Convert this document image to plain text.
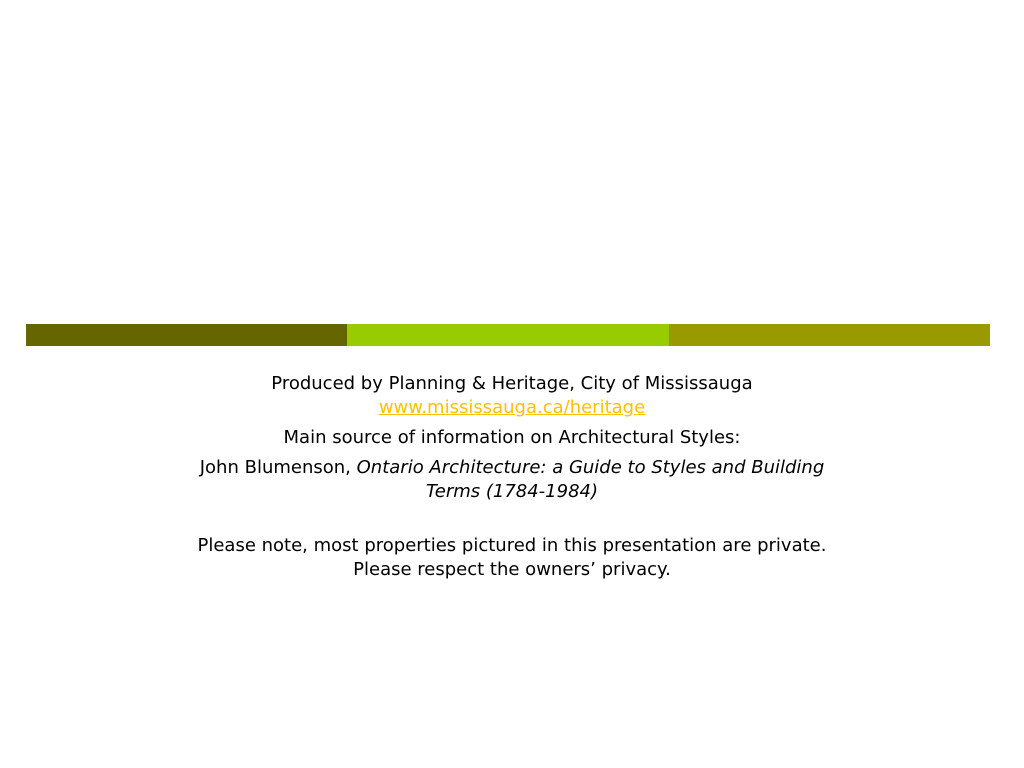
Produced by Planning & Heritage, City of Mississauga
www.mississauga.ca/heritage
Main source of information on Architectural Styles:
John Blumenson, Ontario Architecture: a Guide to Styles and Building Terms (1784-1984)
Please note, most properties pictured in this presentation are private. Please respect the owners’ privacy.
